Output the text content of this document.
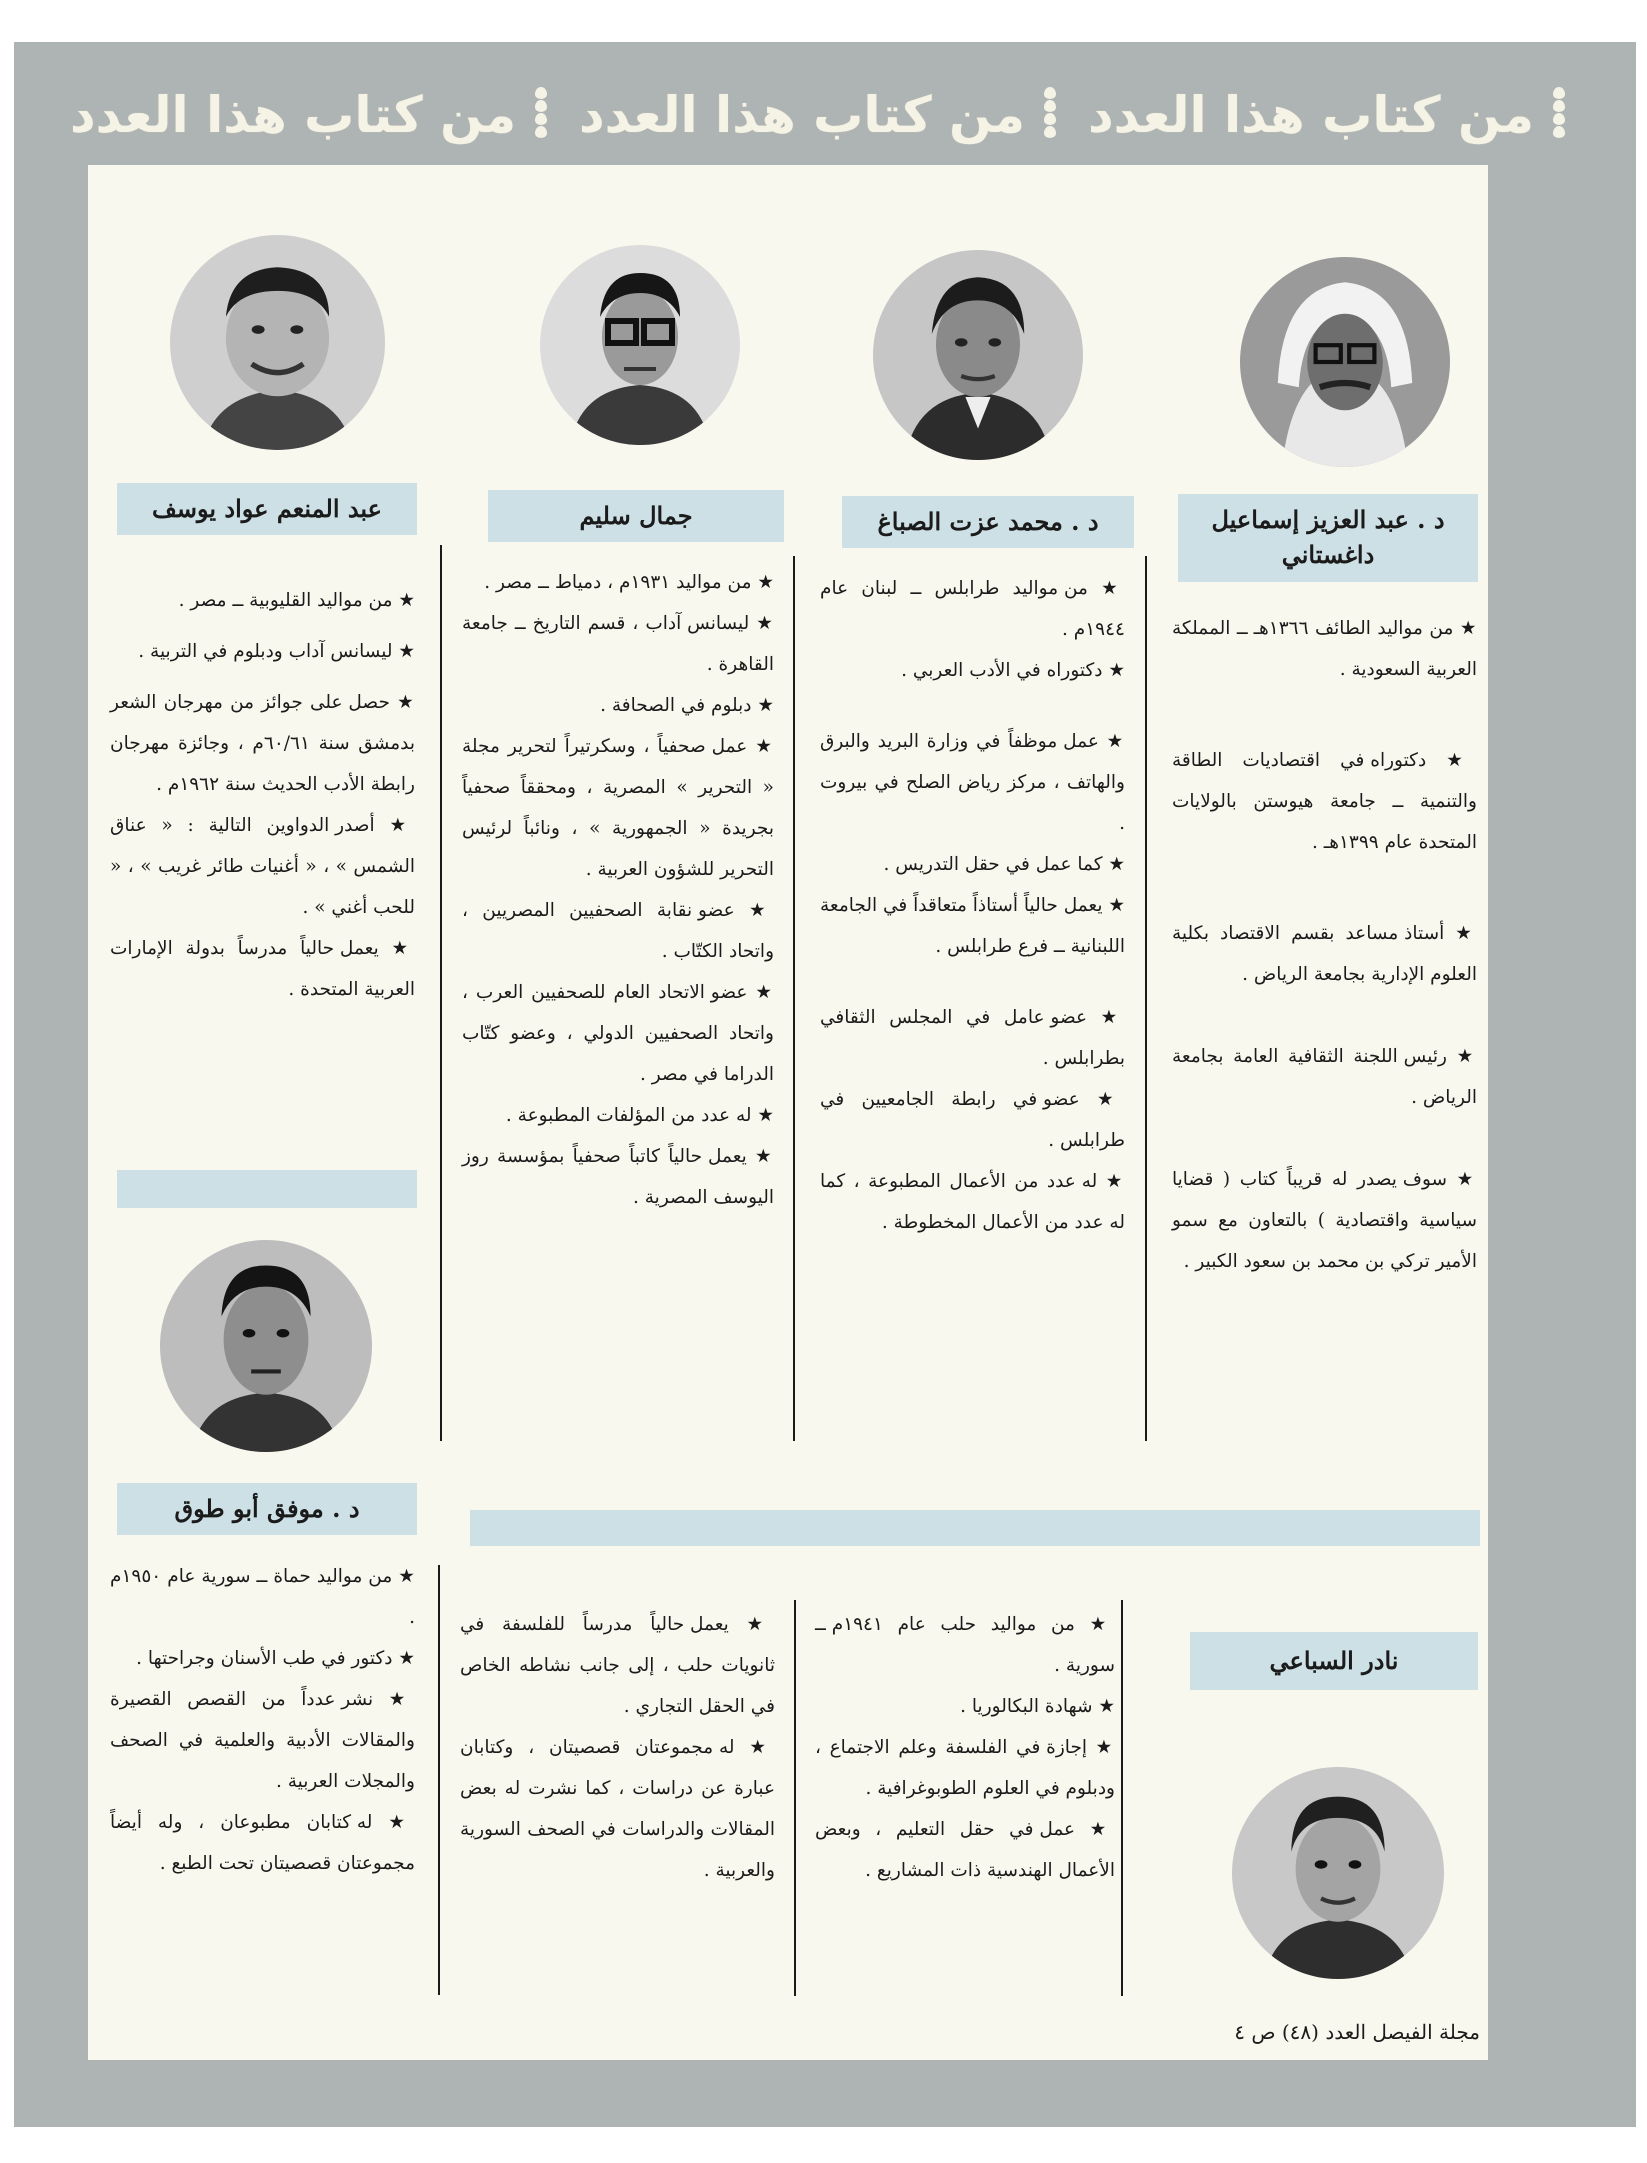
من كتاب هذا العدد
من كتاب هذا العدد
من كتاب هذا العدد
د . عبد العزيز إسماعيل داغستاني
د . محمد عزت الصباغ
جمال سليم
عبد المنعم عواد يوسف
د . موفق أبو طوق
نادر السباعي

★ من مواليد الطائف ١٣٦٦هـ ــ المملكة العربية السعودية .

★ دكتوراه في اقتصاديات الطاقة والتنمية ــ جامعة هيوستن بالولايات المتحدة عام ١٣٩٩هـ .

★ أستاذ مساعد بقسم الاقتصاد بكلية العلوم الإدارية بجامعة الرياض .

★ رئيس اللجنة الثقافية العامة بجامعة الرياض .

★ سوف يصدر له قريباً كتاب ( قضايا سياسية واقتصادية ) بالتعاون مع سمو الأمير تركي بن محمد بن سعود الكبير .

★ من مواليد طرابلس ــ لبنان عام ١٩٤٤م .

★ دكتوراه في الأدب العربي .

★ عمل موظفاً في وزارة البريد والبرق والهاتف ، مركز رياض الصلح في بيروت .

★ كما عمل في حقل التدريس .

★ يعمل حالياً أستاذاً متعاقداً في الجامعة اللبنانية ــ فرع طرابلس .

★ عضو عامل في المجلس الثقافي بطرابلس .

★ عضو في رابطة الجامعيين في طرابلس .

★ له عدد من الأعمال المطبوعة ، كما له عدد من الأعمال المخطوطة .

★ من مواليد ١٩٣١م ، دمياط ــ مصر .

★ ليسانس آداب ، قسم التاريخ ــ جامعة القاهرة .

★ دبلوم في الصحافة .

★ عمل صحفياً ، وسكرتيراً لتحرير مجلة « التحرير » المصرية ، ومحققاً صحفياً بجريدة « الجمهورية » ، ونائباً لرئيس التحرير للشؤون العربية .

★ عضو نقابة الصحفيين المصريين ، واتحاد الكتّاب .

★ عضو الاتحاد العام للصحفيين العرب ، واتحاد الصحفيين الدولي ، وعضو كتّاب الدراما في مصر .

★ له عدد من المؤلفات المطبوعة .

★ يعمل حالياً كاتباً صحفياً بمؤسسة روز اليوسف المصرية .

★ من مواليد القليوبية ــ مصر .

★ ليسانس آداب ودبلوم في التربية .

★ حصل على جوائز من مهرجان الشعر بدمشق سنة ٦٠/٦١م ، وجائزة مهرجان رابطة الأدب الحديث سنة ١٩٦٢م .

★ أصدر الدواوين التالية : « عناق الشمس » ، « أغنيات طائر غريب » ، « للحب أغني » .

★ يعمل حالياً مدرساً بدولة الإمارات العربية المتحدة .

★ من مواليد حماة ــ سورية عام ١٩٥٠م .

★ دكتور في طب الأسنان وجراحتها .

★ نشر عدداً من القصص القصيرة والمقالات الأدبية والعلمية في الصحف والمجلات العربية .

★ له كتابان مطبوعان ، وله أيضاً مجموعتان قصصيتان تحت الطبع .

★ من مواليد حلب عام ١٩٤١م ــ سورية .

★ شهادة البكالوريا .

★ إجازة في الفلسفة وعلم الاجتماع ، ودبلوم في العلوم الطوبوغرافية .

★ عمل في حقل التعليم ، وبعض الأعمال الهندسية ذات المشاريع .

★ يعمل حالياً مدرساً للفلسفة في ثانويات حلب ، إلى جانب نشاطه الخاص في الحقل التجاري .

★ له مجموعتان قصصيتان ، وكتابان عبارة عن دراسات ، كما نشرت له بعض المقالات والدراسات في الصحف السورية والعربية .

مجلة الفيصل العدد (٤٨) ص ٤
